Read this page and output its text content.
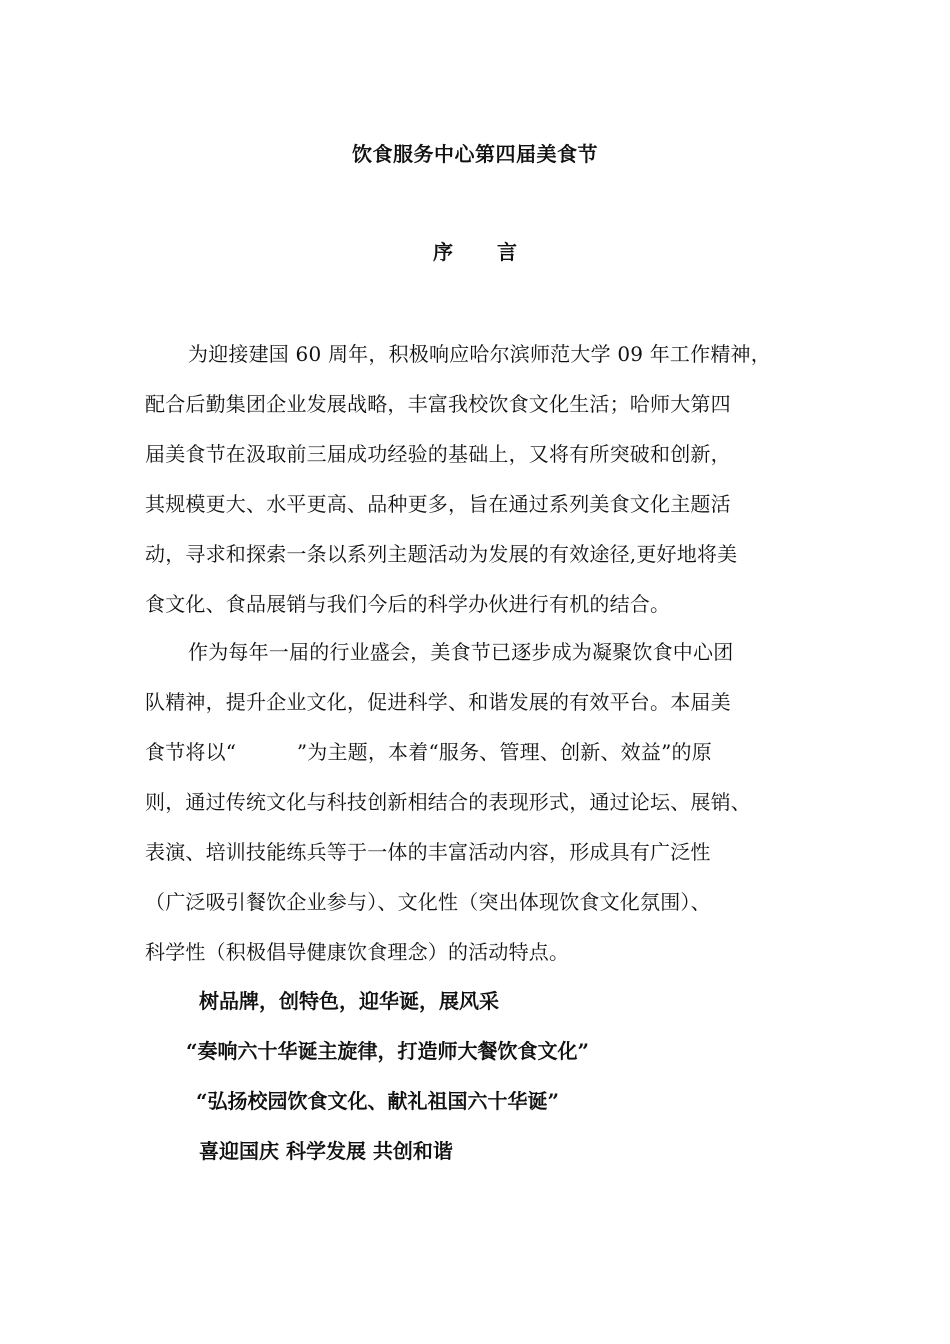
饮食服务中心第四届美食节
序 言
为迎接建国 60 周年，积极响应哈尔滨师范大学 09 年工作精神，
配合后勤集团企业发展战略，丰富我校饮食文化生活；哈师大第四
届美食节在汲取前三届成功经验的基础上，又将有所突破和创新，
其规模更大、水平更高、品种更多，旨在通过系列美食文化主题活
动，寻求和探索一条以系列主题活动为发展的有效途径,更好地将美
食文化、食品展销与我们今后的科学办伙进行有机的结合。
作为每年一届的行业盛会，美食节已逐步成为凝聚饮食中心团
队精神，提升企业文化，促进科学、和谐发展的有效平台。本届美
食节将以“　　　”为主题，本着“服务、管理、创新、效益”的原
则，通过传统文化与科技创新相结合的表现形式，通过论坛、展销、
表演、培训技能练兵等于一体的丰富活动内容，形成具有广泛性
（广泛吸引餐饮企业参与）、文化性（突出体现饮食文化氛围）、
科学性（积极倡导健康饮食理念）的活动特点。
树品牌，创特色，迎华诞，展风采
“奏响六十华诞主旋律，打造师大餐饮食文化”
“弘扬校园饮食文化、献礼祖国六十华诞”
喜迎国庆 科学发展 共创和谐
